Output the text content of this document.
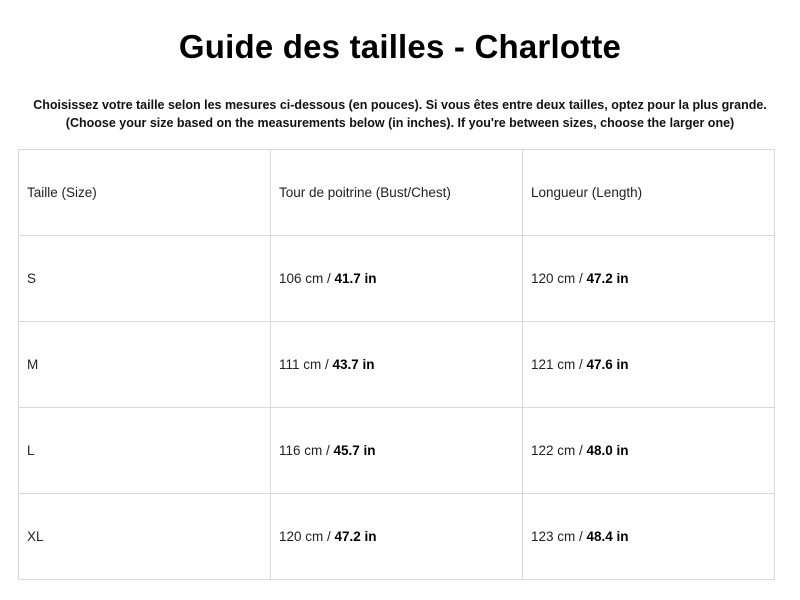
Guide des tailles - Charlotte
Choisissez votre taille selon les mesures ci-dessous (en pouces). Si vous êtes entre deux tailles, optez pour la plus grande.
(Choose your size based on the measurements below (in inches). If you're between sizes, choose the larger one)
Taille (Size)	Tour de poitrine (Bust/Chest)	Longueur (Length)
S	106 cm / 41.7 in	120 cm / 47.2 in
M	111 cm / 43.7 in	121 cm / 47.6 in
L	116 cm / 45.7 in	122 cm / 48.0 in
XL	120 cm / 47.2 in	123 cm / 48.4 in
